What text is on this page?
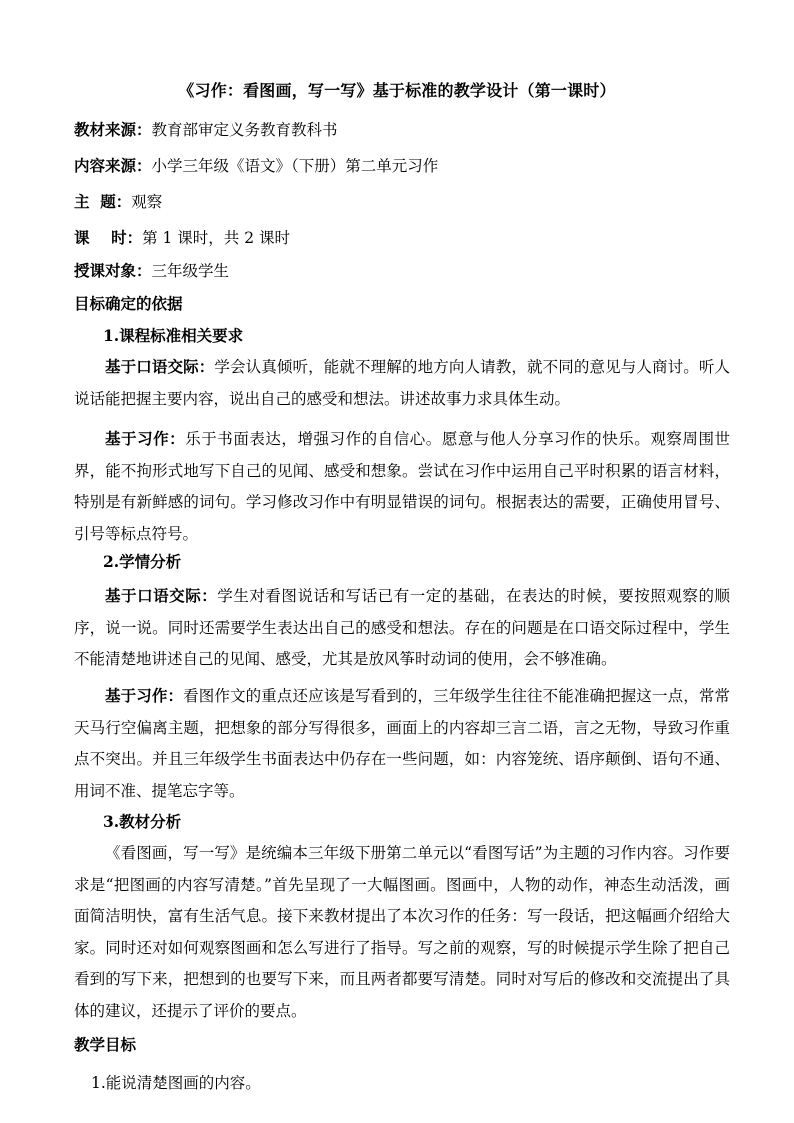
《习作：看图画，写一写》基于标准的教学设计（第一课时）
教材来源：教育部审定义务教育教科书
内容来源：小学三年级《语文》（下册）第二单元习作
主  题：观察
课    时：第 1 课时，共 2 课时
授课对象：三年级学生
目标确定的依据
1.课程标准相关要求
基于口语交际：学会认真倾听，能就不理解的地方向人请教，就不同的意见与人商讨。听人说话能把握主要内容，说出自己的感受和想法。讲述故事力求具体生动。
基于习作：乐于书面表达，增强习作的自信心。愿意与他人分享习作的快乐。观察周围世界，能不拘形式地写下自己的见闻、感受和想象。尝试在习作中运用自己平时积累的语言材料，特别是有新鲜感的词句。学习修改习作中有明显错误的词句。根据表达的需要，正确使用冒号、引号等标点符号。
2.学情分析
基于口语交际：学生对看图说话和写话已有一定的基础，在表达的时候，要按照观察的顺序，说一说。同时还需要学生表达出自己的感受和想法。存在的问题是在口语交际过程中，学生不能清楚地讲述自己的见闻、感受，尤其是放风筝时动词的使用，会不够准确。
基于习作：看图作文的重点还应该是写看到的，三年级学生往往不能准确把握这一点，常常天马行空偏离主题，把想象的部分写得很多，画面上的内容却三言二语，言之无物，导致习作重点不突出。并且三年级学生书面表达中仍存在一些问题，如：内容笼统、语序颠倒、语句不通、用词不准、提笔忘字等。
3.教材分析
《看图画，写一写》是统编本三年级下册第二单元以“看图写话”为主题的习作内容。习作要求是“把图画的内容写清楚。”首先呈现了一大幅图画。图画中，人物的动作，神态生动活泼，画面简洁明快，富有生活气息。接下来教材提出了本次习作的任务：写一段话，把这幅画介绍给大家。同时还对如何观察图画和怎么写进行了指导。写之前的观察，写的时候提示学生除了把自己看到的写下来，把想到的也要写下来，而且两者都要写清楚。同时对写后的修改和交流提出了具体的建议，还提示了评价的要点。
教学目标
1.能说清楚图画的内容。
